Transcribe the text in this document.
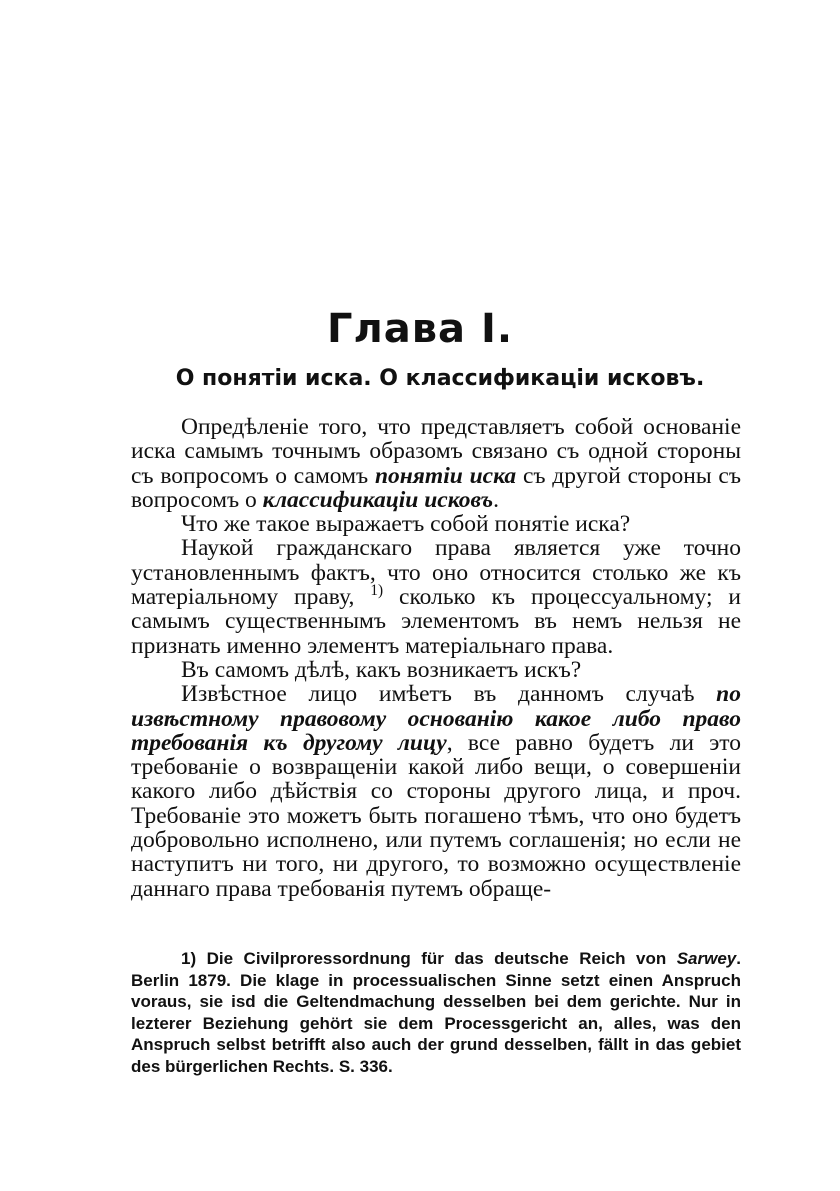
Глава I.
О понятіи иска. О классификаціи исковъ.

Опредѣленіе того, что представляетъ собой основаніе иска самымъ точнымъ образомъ связано съ одной стороны съ вопросомъ о самомъ понятіи иска съ другой стороны съ вопросомъ о классификаціи исковъ.

Что же такое выражаетъ собой понятіе иска?

Наукой гражданскаго права является уже точно установленнымъ фактъ, что оно относится столько же къ матеріальному праву, $^{1)}$ сколько къ процессуальному; и самымъ существеннымъ элементомъ въ немъ нельзя не признать именно элементъ матеріальнаго права.

Въ самомъ дѣлѣ, какъ возникаетъ искъ?

Извѣстное лицо имѣетъ въ данномъ случаѣ по извѣстному правовому основанію какое либо право требованія къ другому лицу, все равно будетъ ли это требованіе о возвращеніи какой либо вещи, о совершеніи какого либо дѣйствія со стороны другого лица, и проч. Требованіе это можетъ быть погашено тѣмъ, что оно будетъ добровольно исполнено, или путемъ соглашенія; но если не наступитъ ни того, ни другого, то возможно осуществленіе даннаго права требованія путемъ обраще-

1) Die Civilproressordnung für das deutsche Reich von Sarwey. Berlin 1879. Die klage in processualischen Sinne setzt einen Anspruch voraus, sie isd die Geltendmachung desselben bei dem gerichte. Nur in lezterer Beziehung gehört sie dem Processgericht an, alles, was den Anspruch selbst betrifft also auch der grund desselben, fällt in das gebiet des bürgerlichen Rechts. S. 336.
